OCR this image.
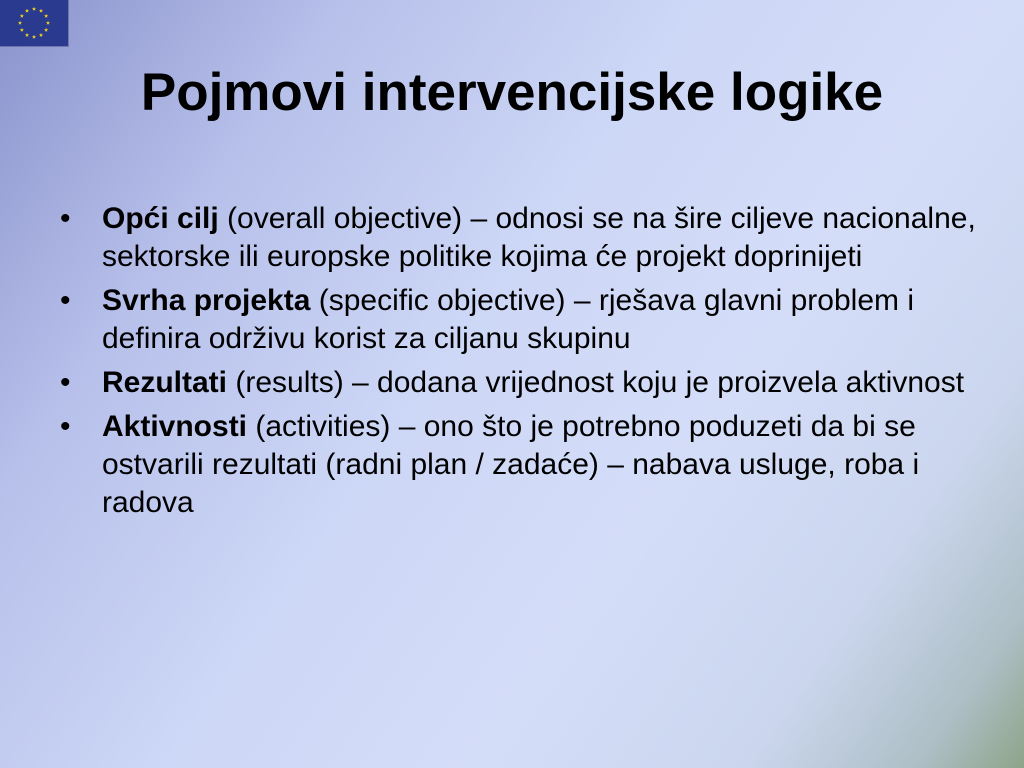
Pojmovi intervencijske logike
• Opći cilj (overall objective) – odnosi se na šire ciljeve nacionalne, sektorske ili europske politike kojima će projekt doprinijeti
• Svrha projekta (specific objective) – rješava glavni problem i definira održivu korist za ciljanu skupinu
• Rezultati (results) – dodana vrijednost koju je proizvela aktivnost
• Aktivnosti (activities) – ono što je potrebno poduzeti da bi se ostvarili rezultati (radni plan / zadaće) – nabava usluge, roba i radova
